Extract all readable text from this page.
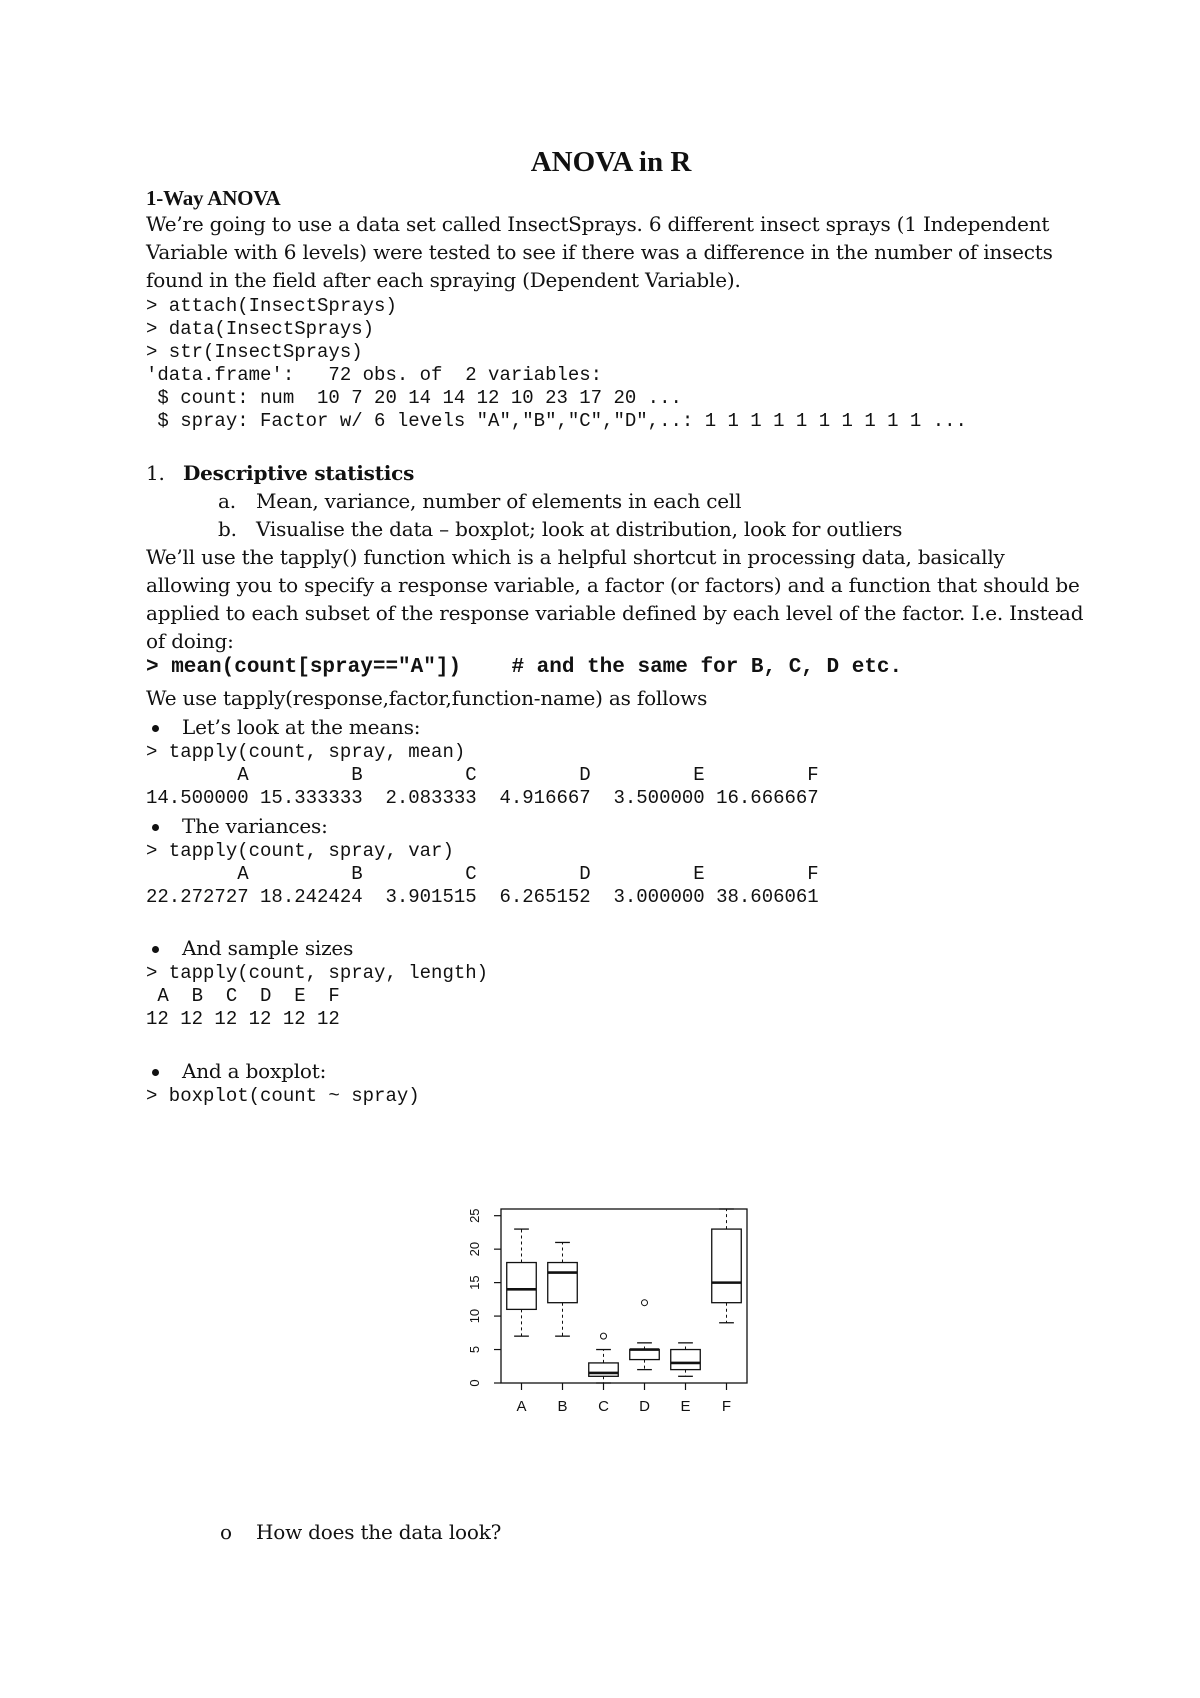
ANOVA in R
1-Way ANOVA
We’re going to use a data set called InsectSprays. 6 different insect sprays (1 Independent
Variable with 6 levels) were tested to see if there was a difference in the number of insects
found in the field after each spraying (Dependent Variable).
> attach(InsectSprays)
> data(InsectSprays)
> str(InsectSprays)
'data.frame':   72 obs. of  2 variables:
$ count: num  10 7 20 14 14 12 10 23 17 20 ...
$ spray: Factor w/ 6 levels "A","B","C","D",..: 1 1 1 1 1 1 1 1 1 1 ...
1. Descriptive statistics
a. Mean, variance, number of elements in each cell
b. Visualise the data – boxplot; look at distribution, look for outliers
We’ll use the tapply() function which is a helpful shortcut in processing data, basically
allowing you to specify a response variable, a factor (or factors) and a function that should be
applied to each subset of the response variable defined by each level of the factor. I.e. Instead
of doing:
> mean(count[spray=="A"])    # and the same for B, C, D etc.
We use tapply(response,factor,function-name) as follows
Let’s look at the means:
> tapply(count, spray, mean)
A         B         C         D         E         F
14.500000 15.333333  2.083333  4.916667  3.500000 16.666667
The variances:
> tapply(count, spray, var)
A         B         C         D         E         F
22.272727 18.242424  3.901515  6.265152  3.000000 38.606061
And sample sizes
> tapply(count, spray, length)
A  B  C  D  E  F
12 12 12 12 12 12
And a boxplot:
> boxplot(count ~ spray)
o How does the data look?
0
5
10
15
20
25
A B C D E F
